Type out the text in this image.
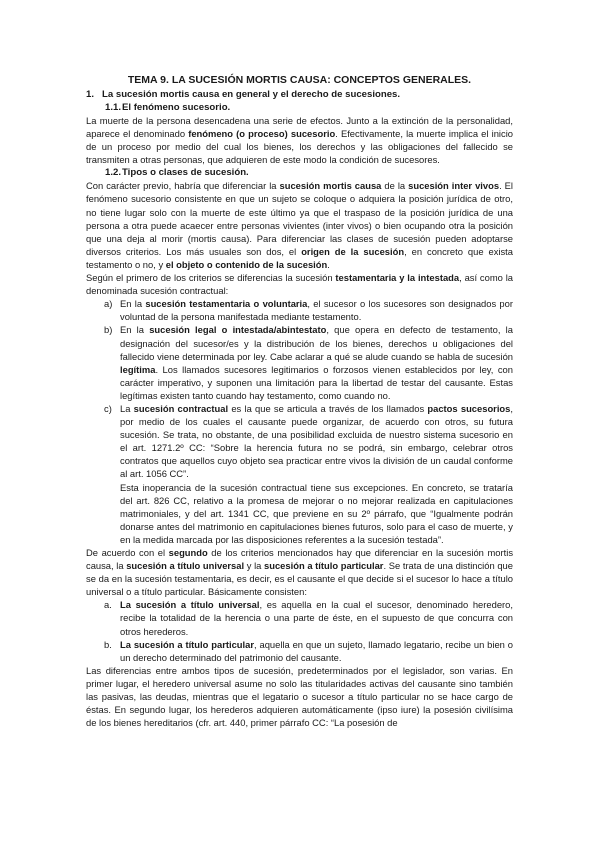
TEMA 9. LA SUCESIÓN MORTIS CAUSA: CONCEPTOS GENERALES.
1. La sucesión mortis causa en general y el derecho de sucesiones.
1.1. El fenómeno sucesorio.

La muerte de la persona desencadena una serie de efectos. Junto a la extinción de la personalidad, aparece el denominado fenómeno (o proceso) sucesorio. Efectivamente, la muerte implica el inicio de un proceso por medio del cual los bienes, los derechos y las obligaciones del fallecido se transmiten a otras personas, que adquieren de este modo la condición de sucesores.

1.2. Tipos o clases de sucesión.

Con carácter previo, habría que diferenciar la sucesión mortis causa de la sucesión inter vivos. El fenómeno sucesorio consistente en que un sujeto se coloque o adquiera la posición jurídica de otro, no tiene lugar solo con la muerte de este último ya que el traspaso de la posición jurídica de una persona a otra puede acaecer entre personas vivientes (inter vivos) o bien ocupando otra la posición que una deja al morir (mortis causa). Para diferenciar las clases de sucesión pueden adoptarse diversos criterios. Los más usuales son dos, el origen de la sucesión, en concreto que exista testamento o no, y el objeto o contenido de la sucesión.

Según el primero de los criterios se diferencias la sucesión testamentaria y la intestada, así como la denominada sucesión contractual:

a) En la sucesión testamentaria o voluntaria, el sucesor o los sucesores son designados por voluntad de la persona manifestada mediante testamento.
b) En la sucesión legal o intestada/abintestato, que opera en defecto de testamento, la designación del sucesor/es y la distribución de los bienes, derechos u obligaciones del fallecido viene determinada por ley. Cabe aclarar a qué se alude cuando se habla de sucesión legítima. Los llamados sucesores legitimarios o forzosos vienen establecidos por ley, con carácter imperativo, y suponen una limitación para la libertad de testar del causante. Estas legítimas existen tanto cuando hay testamento, como cuando no.
c) La sucesión contractual es la que se articula a través de los llamados pactos sucesorios, por medio de los cuales el causante puede organizar, de acuerdo con otros, su futura sucesión. Se trata, no obstante, de una posibilidad excluida de nuestro sistema sucesorio en el art. 1271.2º CC: “Sobre la herencia futura no se podrá, sin embargo, celebrar otros contratos que aquellos cuyo objeto sea practicar entre vivos la división de un caudal conforme al art. 1056 CC”.

Esta inoperancia de la sucesión contractual tiene sus excepciones. En concreto, se trataría del art. 826 CC, relativo a la promesa de mejorar o no mejorar realizada en capitulaciones matrimoniales, y del art. 1341 CC, que previene en su 2º párrafo, que “Igualmente podrán donarse antes del matrimonio en capitulaciones bienes futuros, solo para el caso de muerte, y en la medida marcada por las disposiciones referentes a la sucesión testada”.

De acuerdo con el segundo de los criterios mencionados hay que diferenciar en la sucesión mortis causa, la sucesión a título universal y la sucesión a título particular. Se trata de una distinción que se da en la sucesión testamentaria, es decir, es el causante el que decide si el sucesor lo hace a título universal o a título particular. Básicamente consisten:

a. La sucesión a título universal, es aquella en la cual el sucesor, denominado heredero, recibe la totalidad de la herencia o una parte de éste, en el supuesto de que concurra con otros herederos.
b. La sucesión a título particular, aquella en que un sujeto, llamado legatario, recibe un bien o un derecho determinado del patrimonio del causante.

Las diferencias entre ambos tipos de sucesión, predeterminados por el legislador, son varias. En primer lugar, el heredero universal asume no solo las titularidades activas del causante sino también las pasivas, las deudas, mientras que el legatario o sucesor a título particular no se hace cargo de éstas. En segundo lugar, los herederos adquieren automáticamente (ipso iure) la posesión civilísima de los bienes hereditarios (cfr. art. 440, primer párrafo CC: “La posesión de
